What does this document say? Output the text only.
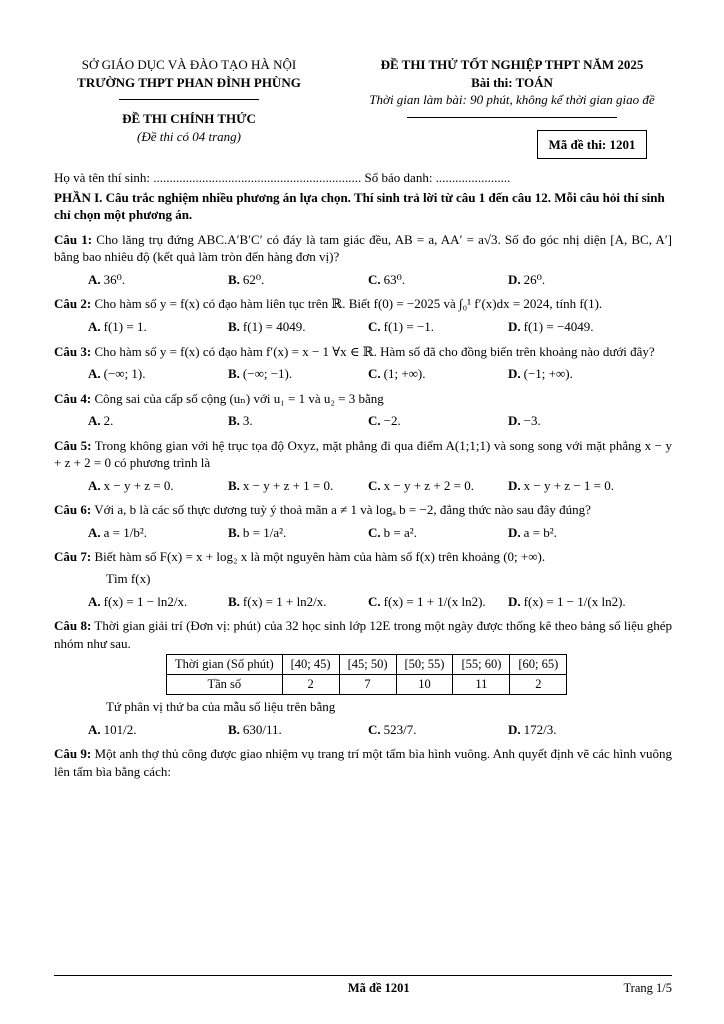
SỞ GIÁO DỤC VÀ ĐÀO TẠO HÀ NỘI
TRƯỜNG THPT PHAN ĐÌNH PHÙNG
ĐỀ THI CHÍNH THỨC
(Đề thi có 04 trang)
ĐỀ THI THỬ TỐT NGHIỆP THPT NĂM 2025
Bài thi: TOÁN
Thời gian làm bài: 90 phút, không kể thời gian giao đề
Mã đề thi: 1201
Họ và tên thí sinh: ................................................................ Số báo danh: .......................
PHẦN I. Câu trắc nghiệm nhiều phương án lựa chọn. Thí sinh trả lời từ câu 1 đến câu 12. Mỗi câu hỏi thí sinh chỉ chọn một phương án.
Câu 1: Cho lăng trụ đứng ABC.A′B′C′ có đáy là tam giác đều, AB = a, AA′ = a√3. Số đo góc nhị diện [A, BC, A′] bằng bao nhiêu độ (kết quả làm tròn đến hàng đơn vị)?
A. 36⁰.	B. 62⁰.	C. 63⁰.	D. 26⁰.
Câu 2: Cho hàm số y = f(x) có đạo hàm liên tục trên ℝ. Biết f(0) = −2025 và ∫₀¹ f′(x)dx = 2024, tính f(1).
A. f(1) = 1.	B. f(1) = 4049.	C. f(1) = −1.	D. f(1) = −4049.
Câu 3: Cho hàm số y = f(x) có đạo hàm f′(x) = x − 1 ∀x ∈ ℝ. Hàm số đã cho đồng biến trên khoảng nào dưới đây?
A. (−∞; 1).	B. (−∞; −1).	C. (1; +∞).	D. (−1; +∞).
Câu 4: Công sai của cấp số cộng (uₙ) với u₁ = 1 và u₂ = 3 bằng
A. 2.	B. 3.	C. −2.	D. −3.
Câu 5: Trong không gian với hệ trục tọa độ Oxyz, mặt phẳng đi qua điểm A(1;1;1) và song song với mặt phẳng x − y + z + 2 = 0 có phương trình là
A. x − y + z = 0.	B. x − y + z + 1 = 0.	C. x − y + z + 2 = 0.	D. x − y + z − 1 = 0.
Câu 6: Với a, b là các số thực dương tuỳ ý thoả mãn a ≠ 1 và logₐ b = −2, đẳng thức nào sau đây đúng?
A. a = 1/b².	B. b = 1/a².	C. b = a².	D. a = b².
Câu 7: Biết hàm số F(x) = x + log₂ x là một nguyên hàm của hàm số f(x) trên khoảng (0; +∞).
Tìm f(x)
A. f(x) = 1 − ln2/x.	B. f(x) = 1 + ln2/x.	C. f(x) = 1 + 1/(x ln2).	D. f(x) = 1 − 1/(x ln2).
Câu 8: Thời gian giải trí (Đơn vị: phút) của 32 học sinh lớp 12E trong một ngày được thống kê theo bảng số liệu ghép nhóm như sau.
Thời gian (Số phút)	[40; 45)	[45; 50)	[50; 55)	[55; 60)	[60; 65)
Tần số	2	7	10	11	2
Tứ phân vị thứ ba của mẫu số liệu trên bằng
A. 101/2.	B. 630/11.	C. 523/7.	D. 172/3.
Câu 9: Một anh thợ thủ công được giao nhiệm vụ trang trí một tấm bìa hình vuông. Anh quyết định vẽ các hình vuông lên tấm bìa bằng cách:
Mã đề 1201	Trang 1/5
